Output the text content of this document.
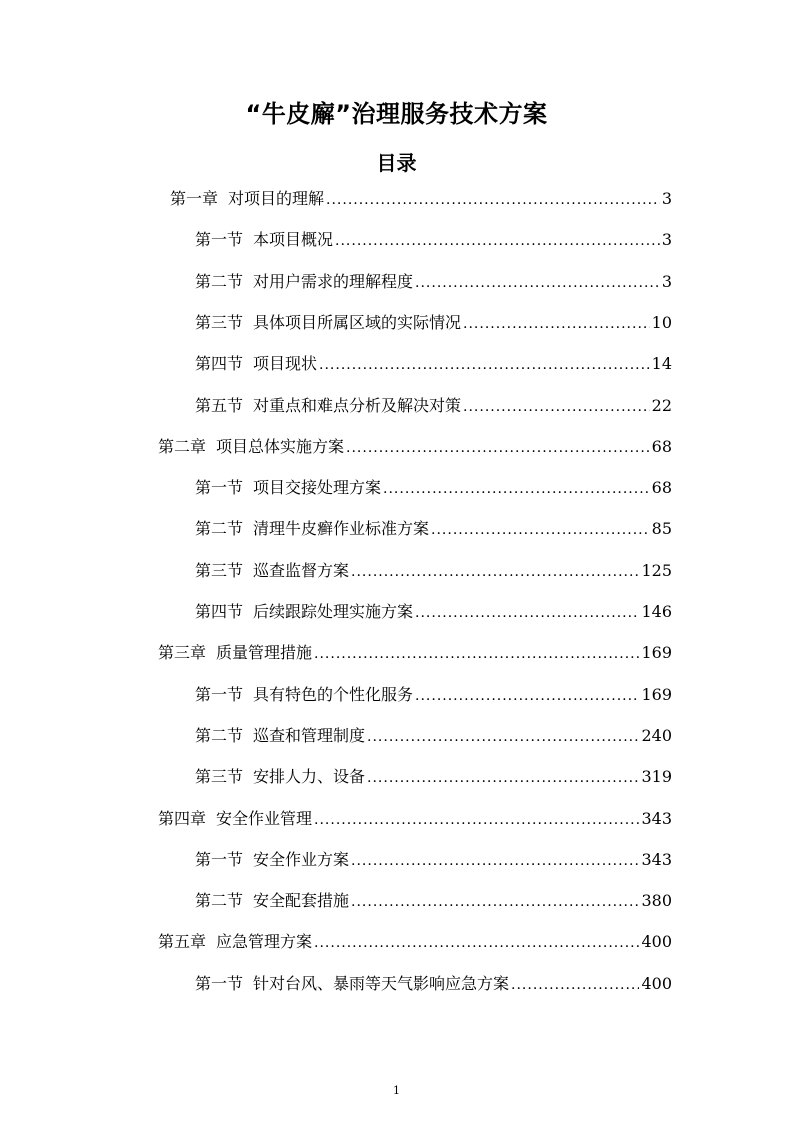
“牛皮廨”治理服务技术方案
目录
第一章 对项目的理解 .....	3
第一节 本项目概况 .....	3
第二节 对用户需求的理解程度 .....	3
第三节 具体项目所属区域的实际情况 .....	10
第四节 项目现状 .....	14
第五节 对重点和难点分析及解决对策 .....	22
第二章 项目总体实施方案 .....	68
第一节 项目交接处理方案 .....	68
第二节 清理牛皮癣作业标准方案 .....	85
第三节 巡查监督方案 .....	125
第四节 后续跟踪处理实施方案 .....	146
第三章 质量管理措施 .....	169
第一节 具有特色的个性化服务 .....	169
第二节 巡查和管理制度 .....	240
第三节 安排人力、设备 .....	319
第四章 安全作业管理 .....	343
第一节 安全作业方案 .....	343
第二节 安全配套措施 .....	380
第五章 应急管理方案 .....	400
第一节 针对台风、暴雨等天气影响应急方案 .....	400
1
